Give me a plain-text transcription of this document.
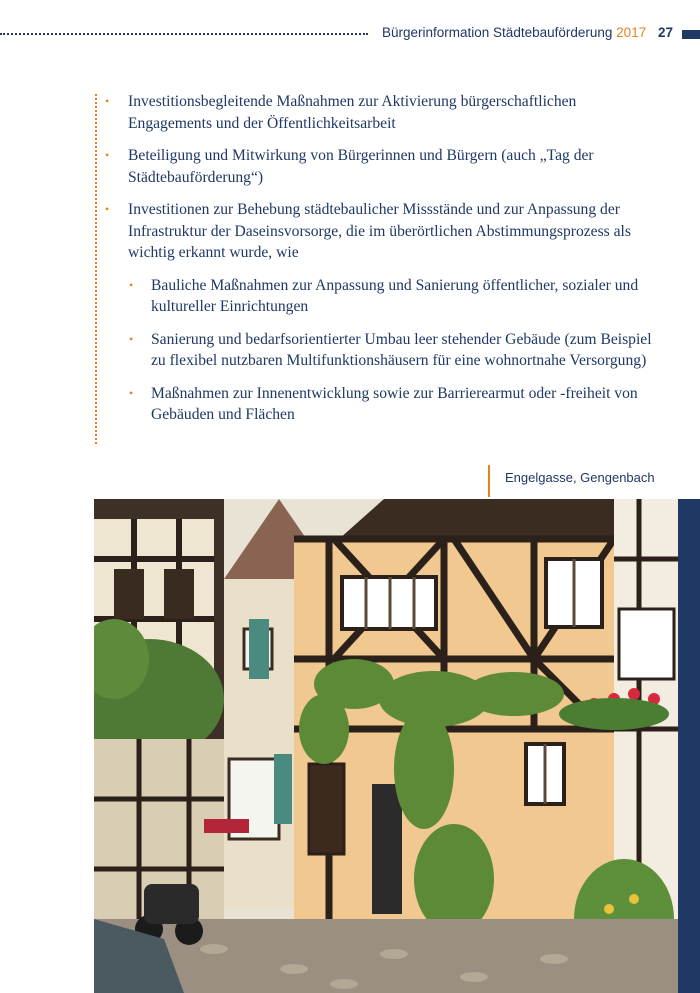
Bürgerinformation Städtebauförderung 2017 27
• Investitionsbegleitende Maßnahmen zur Aktivierung bürgerschaftlichen Engagements und der Öffentlichkeitsarbeit
• Beteiligung und Mitwirkung von Bürgerinnen und Bürgern (auch „Tag der Städtebauförderung“)
• Investitionen zur Behebung städtebaulicher Missstände und zur Anpassung der Infrastruktur der Daseinsvorsorge, die im überörtlichen Abstimmungsprozess als wichtig erkannt wurde, wie
• Bauliche Maßnahmen zur Anpassung und Sanierung öffentlicher, sozialer und kultureller Einrichtungen
• Sanierung und bedarfsorientierter Umbau leer stehender Gebäude (zum Beispiel zu flexibel nutzbaren Multifunktionshäusern für eine wohnortnahe Versorgung)
• Maßnahmen zur Innenentwicklung sowie zur Barrierearmut oder -freiheit von Gebäuden und Flächen
Engelgasse, Gengenbach
